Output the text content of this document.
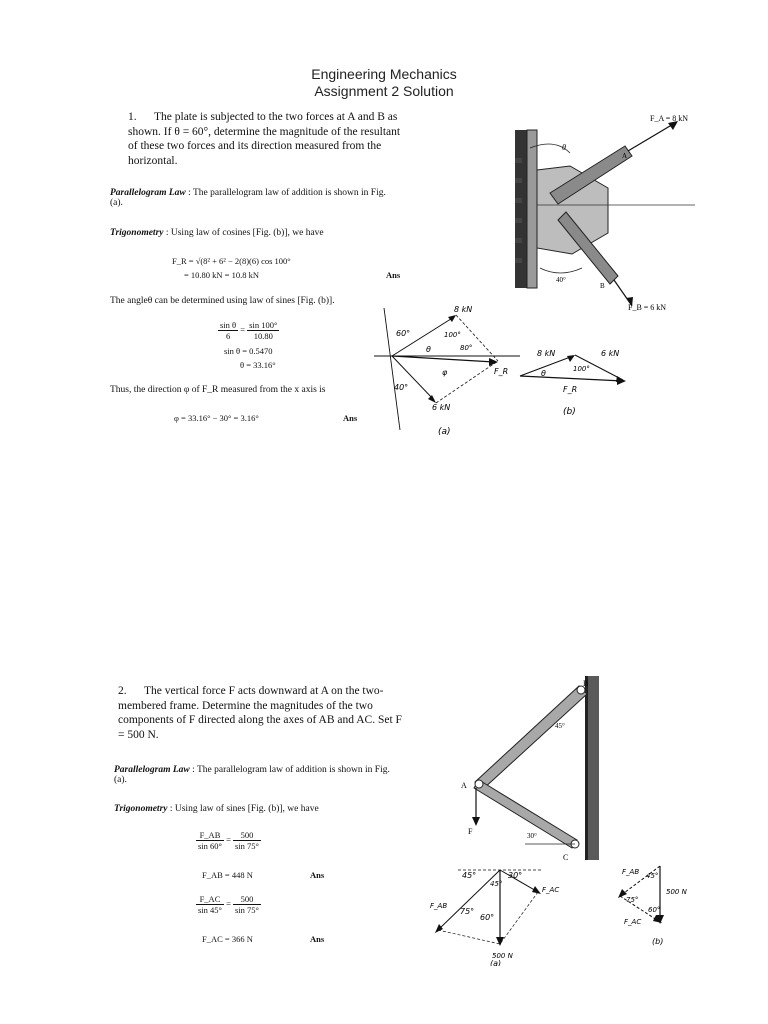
Engineering Mechanics
Assignment 2 Solution
1. The plate is subjected to the two forces at A and B as shown. If θ = 60°, determine the magnitude of the resultant of these two forces and its direction measured from the horizontal.
Parallelogram Law : The parallelogram law of addition is shown in Fig. (a).
Trigonometry : Using law of cosines [Fig. (b)], we have
F_R = √(8² + 6² − 2(8)(6) cos 100°
= 10.80 kN = 10.8 kN	Ans
The angleθ can be determined using law of sines [Fig. (b)].
$\frac{\text{sin θ}}{6} = \frac{\sin 100^\circ}{10.80}$
sin θ = 0.5470
θ = 33.16°
Thus, the direction φ of F_R measured from the x axis is
φ = 33.16° − 30° = 3.16°	Ans
F_A = 8 kN
F_B = 6 kN
θ
A
B
40°
8 kN
60°	100°
80°
θ
φ	F_R
40°
6 kN
(a)
8 kN
100°
6 kN
θ
F_R
(b)
2. The vertical force F acts downward at A on the two-membered frame. Determine the magnitudes of the two components of F directed along the axes of AB and AC. Set F = 500 N.
Parallelogram Law : The parallelogram law of addition is shown in Fig. (a).
Trigonometry : Using law of sines [Fig. (b)], we have
$\frac{F\_AB}{\sin 60^\circ} = \frac{500}{\sin 75^\circ}$
F_AB = 448 N	Ans
$\frac{F\_AC}{\sin 45^\circ} = \frac{500}{\sin 75^\circ}$
F_AC = 366 N	Ans
B
A
C
F
45°
30°
45°
45°
30°
75°
60°
F_AB
F_AC
500 N
(a)
F_AB 45°
75°
60°
500 N
F_AC
(b)
